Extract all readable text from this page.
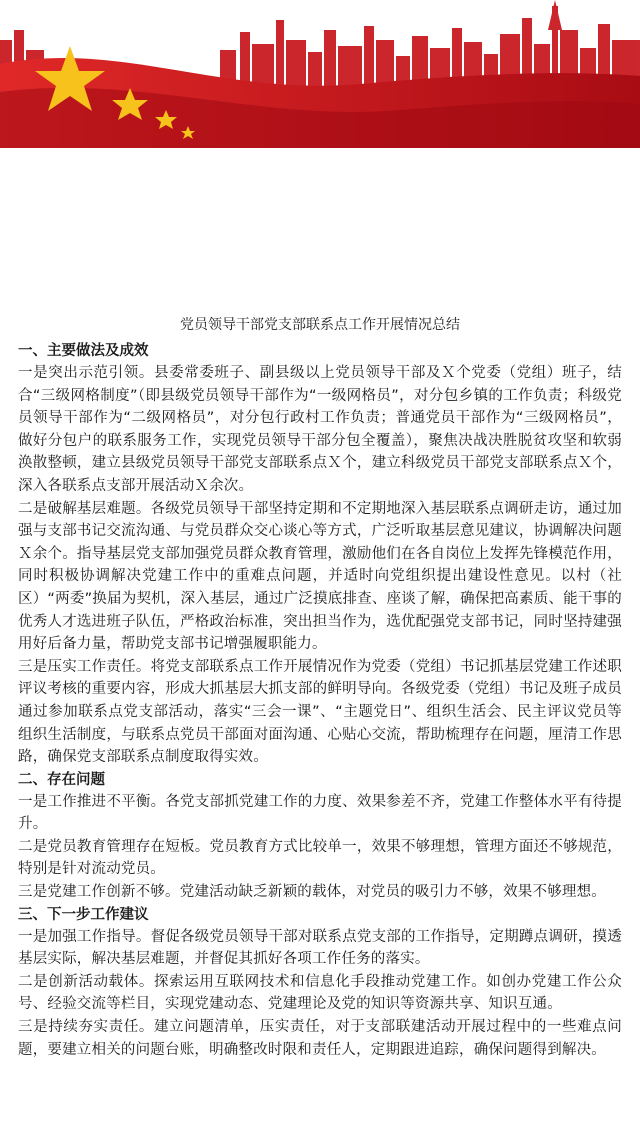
党员领导干部党支部联系点工作开展情况总结
一、主要做法及成效

一是突出示范引领。县委常委班子、副县级以上党员领导干部及Ｘ个党委（党组）班子，结合“三级网格制度”（即县级党员领导干部作为“一级网格员”，对分包乡镇的工作负责；科级党员领导干部作为“二级网格员”，对分包行政村工作负责；普通党员干部作为“三级网格员”，做好分包户的联系服务工作，实现党员领导干部分包全覆盖），聚焦决战决胜脱贫攻坚和软弱涣散整顿，建立县级党员领导干部党支部联系点Ｘ个，建立科级党员干部党支部联系点Ｘ个，深入各联系点支部开展活动Ｘ余次。

二是破解基层难题。各级党员领导干部坚持定期和不定期地深入基层联系点调研走访，通过加强与支部书记交流沟通、与党员群众交心谈心等方式，广泛听取基层意见建议，协调解决问题Ｘ余个。指导基层党支部加强党员群众教育管理，激励他们在各自岗位上发挥先锋模范作用，同时积极协调解决党建工作中的重难点问题，并适时向党组织提出建设性意见。以村（社区）“两委”换届为契机，深入基层，通过广泛摸底排查、座谈了解，确保把高素质、能干事的优秀人才选进班子队伍，严格政治标准，突出担当作为，选优配强党支部书记，同时坚持建强用好后备力量，帮助党支部书记增强履职能力。

三是压实工作责任。将党支部联系点工作开展情况作为党委（党组）书记抓基层党建工作述职评议考核的重要内容，形成大抓基层大抓支部的鲜明导向。各级党委（党组）书记及班子成员通过参加联系点党支部活动，落实“三会一课”、“主题党日”、组织生活会、民主评议党员等组织生活制度，与联系点党员干部面对面沟通、心贴心交流，帮助梳理存在问题，厘清工作思路，确保党支部联系点制度取得实效。

二、存在问题

一是工作推进不平衡。各党支部抓党建工作的力度、效果参差不齐，党建工作整体水平有待提升。

二是党员教育管理存在短板。党员教育方式比较单一，效果不够理想，管理方面还不够规范，特别是针对流动党员。

三是党建工作创新不够。党建活动缺乏新颖的载体，对党员的吸引力不够，效果不够理想。

三、下一步工作建议

一是加强工作指导。督促各级党员领导干部对联系点党支部的工作指导，定期蹲点调研，摸透基层实际，解决基层难题，并督促其抓好各项工作任务的落实。

二是创新活动载体。探索运用互联网技术和信息化手段推动党建工作。如创办党建工作公众号、经验交流等栏目，实现党建动态、党建理论及党的知识等资源共享、知识互通。

三是持续夯实责任。建立问题清单，压实责任，对于支部联建活动开展过程中的一些难点问题，要建立相关的问题台账，明确整改时限和责任人，定期跟进追踪，确保问题得到解决。
